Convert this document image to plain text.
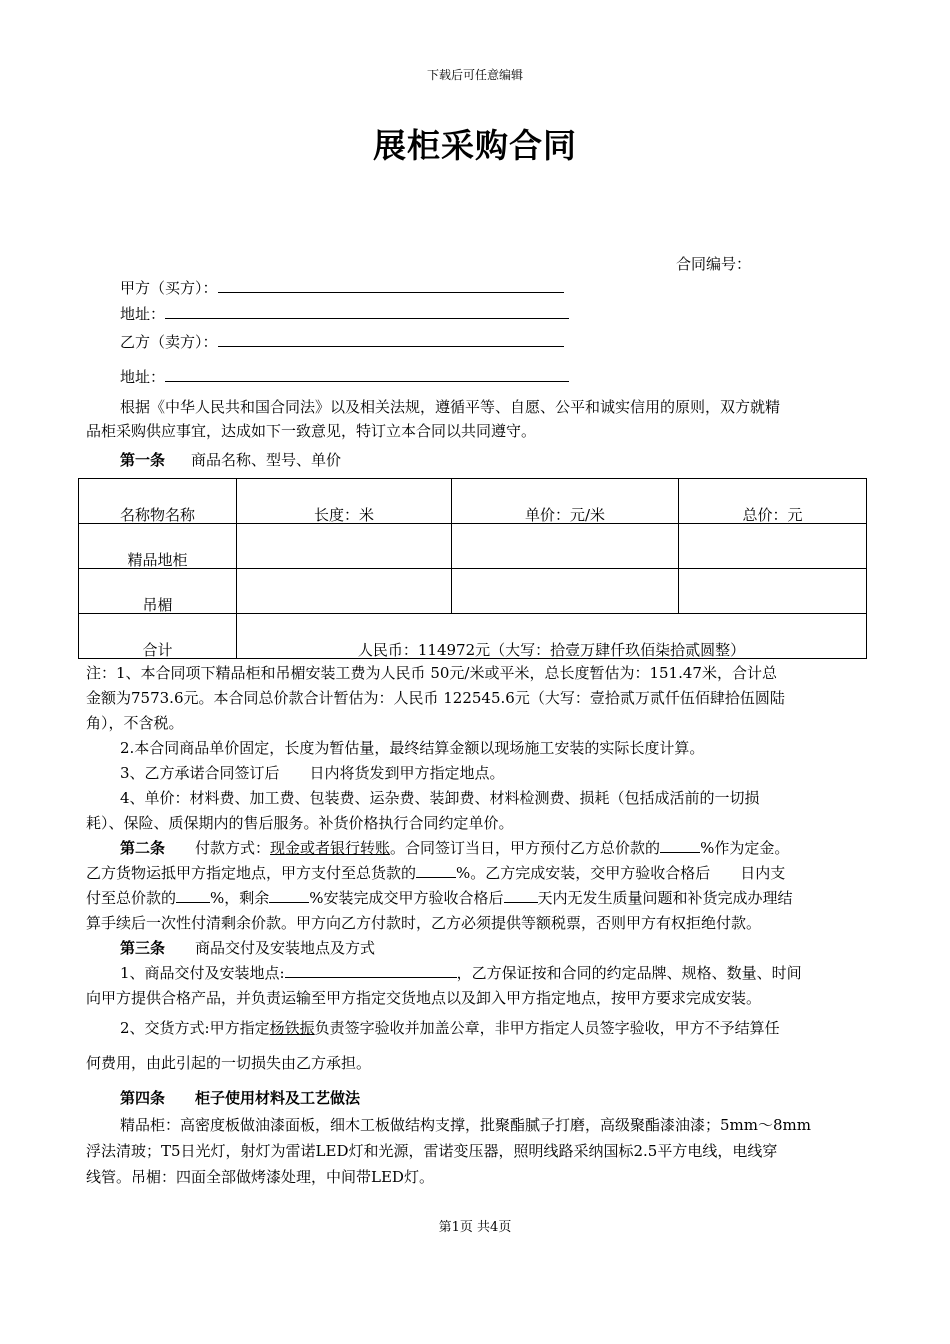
下载后可任意编辑
展柜采购合同
合同编号：
甲方（买方）：
地址：
乙方（卖方）：
地址：
根据《中华人民共和国合同法》以及相关法规，遵循平等、自愿、公平和诚实信用的原则，双方就精
品柜采购供应事宜，达成如下一致意见，特订立本合同以共同遵守。
第一条 商品名称、型号、单价
名称物名称	长度：米	单价：元/米	总价：元
精品地柜			
吊楣			
合计	人民币：114972元（大写：拾壹万肆仟玖佰柒拾贰圆整）		
注：1、本合同项下精品柜和吊楣安装工费为人民币 50元/米或平米，总长度暂估为：151.47米，合计总
金额为7573.6元。本合同总价款合计暂估为：人民币 122545.6元（大写：壹拾贰万贰仟伍佰肆拾伍圆陆
角），不含税。
2.本合同商品单价固定，长度为暂估量，最终结算金额以现场施工安装的实际长度计算。
3、乙方承诺合同签订后　　日内将货发到甲方指定地点。
4、单价：材料费、加工费、包装费、运杂费、装卸费、材料检测费、损耗（包括成活前的一切损
耗）、保险、质保期内的售后服务。补货价格执行合同约定单价。
第二条 付款方式：现金或者银行转账。合同签订当日，甲方预付乙方总价款的	%作为定金。
乙方货物运抵甲方指定地点，甲方支付至总货款的	%。乙方完成安装，交甲方验收合格后　　日内支
付至总价款的 %，剩余	%安装完成交甲方验收合格后 天内无发生质量问题和补货完成办理结
算手续后一次性付清剩余价款。甲方向乙方付款时，乙方必须提供等额税票，否则甲方有权拒绝付款。
第三条 商品交付及安装地点及方式
1、商品交付及安装地点:	，乙方保证按和合同的约定品牌、规格、数量、时间
向甲方提供合格产品，并负责运输至甲方指定交货地点以及卸入甲方指定地点，按甲方要求完成安装。
2、交货方式:甲方指定杨铁振负责签字验收并加盖公章，非甲方指定人员签字验收，甲方不予结算任
何费用，由此引起的一切损失由乙方承担。
第四条 柜子使用材料及工艺做法
精品柜：高密度板做油漆面板，细木工板做结构支撑，批聚酯腻子打磨，高级聚酯漆油漆；5mm～8mm
浮法清玻；T5日光灯，射灯为雷诺LED灯和光源，雷诺变压器，照明线路采纳国标2.5平方电线，电线穿
线管。吊楣：四面全部做烤漆处理，中间带LED灯。
第1页 共4页
